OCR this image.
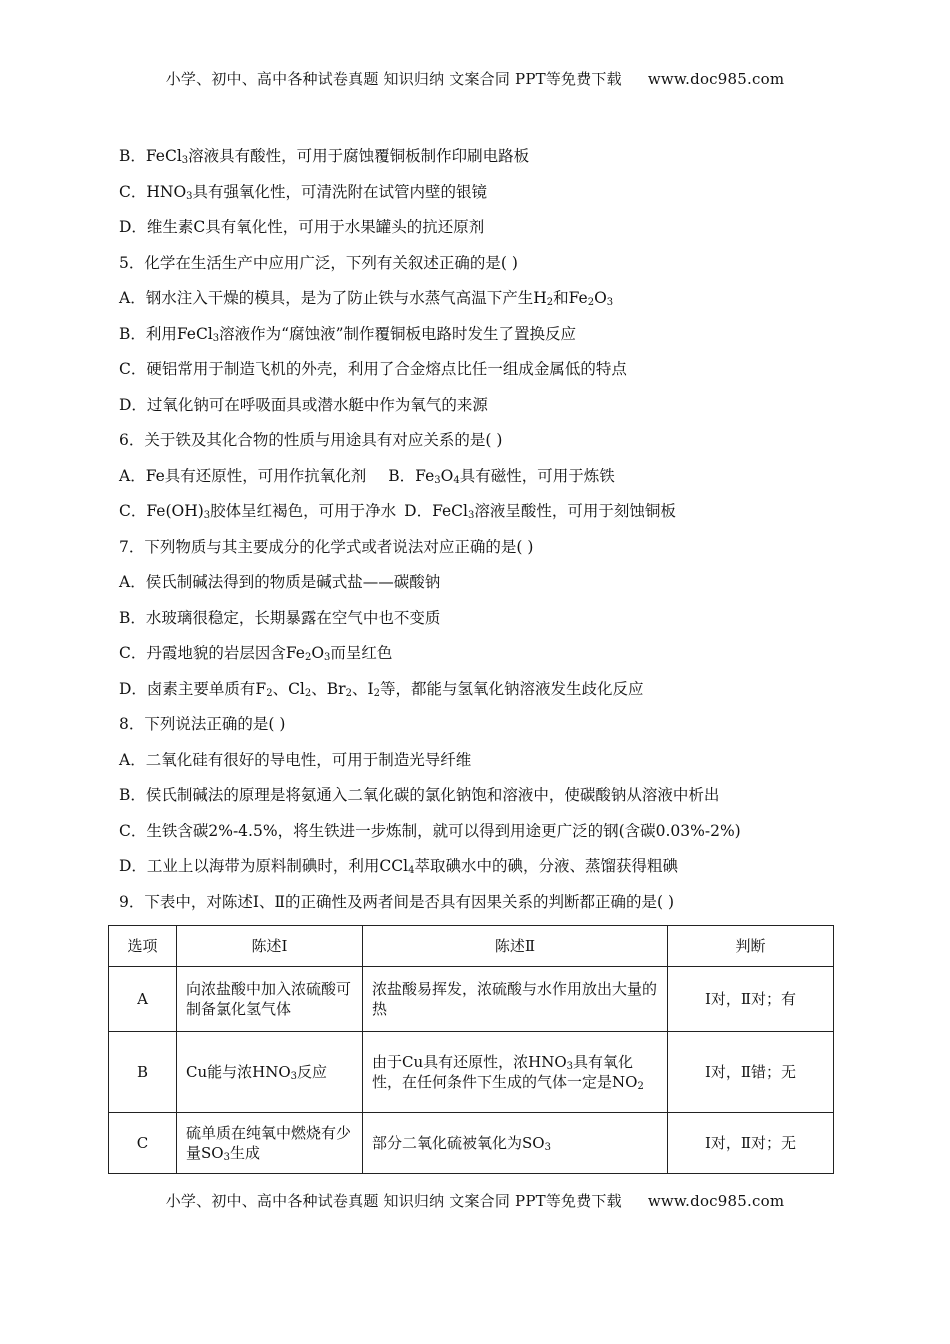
小学、初中、高中各种试卷真题 知识归纳 文案合同 PPT等免费下载 www.doc985.com
B．FeCl$_3$溶液具有酸性，可用于腐蚀覆铜板制作印刷电路板
C．$HNO_3$具有强氧化性，可清洗附在试管内壁的银镜
D．维生素C具有氧化性，可用于水果罐头的抗还原剂
5．化学在生活生产中应用广泛，下列有关叙述正确的是( )
A．钢水注入干燥的模具，是为了防止铁与水蒸气高温下产生$H_2$和$Fe_2O_3$
B．利用FeCl$_3$溶液作为“腐蚀液”制作覆铜板电路时发生了置换反应
C．硬铝常用于制造飞机的外壳，利用了合金熔点比任一组成金属低的特点
D．过氧化钠可在呼吸面具或潜水艇中作为氧气的来源
6．关于铁及其化合物的性质与用途具有对应关系的是( )
A．Fe具有还原性，可用作抗氧化剂 B．$Fe_3O_4$具有磁性，可用于炼铁
C．$Fe(OH)_3$胶体呈红褐色，可用于净水 D．FeCl$_3$溶液呈酸性，可用于刻蚀铜板
7．下列物质与其主要成分的化学式或者说法对应正确的是( )
A．侯氏制碱法得到的物质是碱式盐——碳酸钠
B．水玻璃很稳定，长期暴露在空气中也不变质
C．丹霞地貌的岩层因含$Fe_2O_3$而呈红色
D．卤素主要单质有$F_2$、$Cl_2$、$Br_2$、$I_2$等，都能与氢氧化钠溶液发生歧化反应
8．下列说法正确的是( )
A．二氧化硅有很好的导电性，可用于制造光导纤维
B．侯氏制碱法的原理是将氨通入二氧化碳的氯化钠饱和溶液中，使碳酸钠从溶液中析出
C．生铁含碳2%-4.5%，将生铁进一步炼制，就可以得到用途更广泛的钢(含碳0.03%-2%)
D．工业上以海带为原料制碘时，利用CCl$_4$萃取碘水中的碘，分液、蒸馏获得粗碘
9．下表中，对陈述Ⅰ、Ⅱ的正确性及两者间是否具有因果关系的判断都正确的是( )
选项	陈述Ⅰ	陈述Ⅱ	判断
A	向浓盐酸中加入浓硫酸可制备氯化氢气体	浓盐酸易挥发，浓硫酸与水作用放出大量的热	Ⅰ对，Ⅱ对；有
B	Cu能与浓$HNO_3$反应	由于Cu具有还原性，浓$HNO_3$具有氧化性，在任何条件下生成的气体一定是$NO_2$	Ⅰ对，Ⅱ错；无
C	硫单质在纯氧中燃烧有少量$SO_3$生成	部分二氧化硫被氧化为$SO_3$	Ⅰ对，Ⅱ对；无
小学、初中、高中各种试卷真题 知识归纳 文案合同 PPT等免费下载 www.doc985.com
